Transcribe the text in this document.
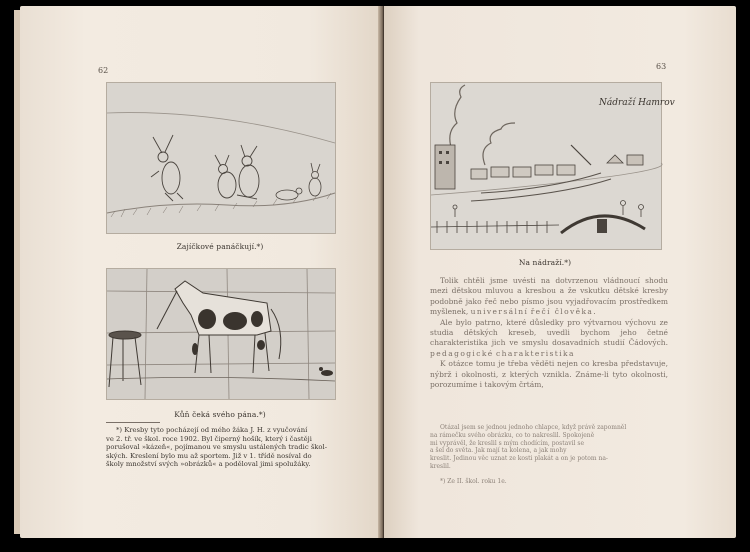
62
Zajíčkové panáčkují.*)
Kůň čeká svého pána.*)
*) Kresby tyto pocházejí od mého žáka J. H. z vyučování
ve 2. tř. ve škol. roce 1902. Byl čiperný hošík, který i častěji
porušoval »kázeň«, pojímanou ve smyslu ustálených tradic škol-
ských. Kreslení bylo mu až sportem. Již v 1. třídě nosíval do
školy množství svých »obrázků« a poděloval jimi spolužáky.
63
Nádraží Hamrov
Na nádraží.*)

Tolik chtěli jsme uvésti na dotvrzenou vládnoucí shodu mezi dětskou mluvou a kresbou a že vskutku dětské kresby podobně jako řeč nebo písmo jsou vyjadřovacím prostředkem myšlenek, universální řečí člověka.

Ale bylo patrno, které důsledky pro výtvarnou výchovu ze studia dětských kreseb, uvedli bychom jeho četné charakteristika jich ve smyslu dosavadních studií Čádových. pedagogické charakteristika

K otázce tomu je třeba věděti nejen co kresba představuje, nýbrž i okolnosti, z kterých vznikla. Známe-li tyto okolnosti, porozumíme i takovým črtám,

Otázal jsem se jednou jednoho chlapce, když právě zapomněl
na rámečku svého obrázku, co to nakreslil. Spokojeně
mi vyprávěl, že kreslil s mým chodícím, postavil se
a šel do světa. Jak mají ta kolena, a jak mohy
kreslit. Jedinou věc uznat ze kosti plakát a on je potom na-
kreslil.
*) Ze II. škol. roku 1e.
